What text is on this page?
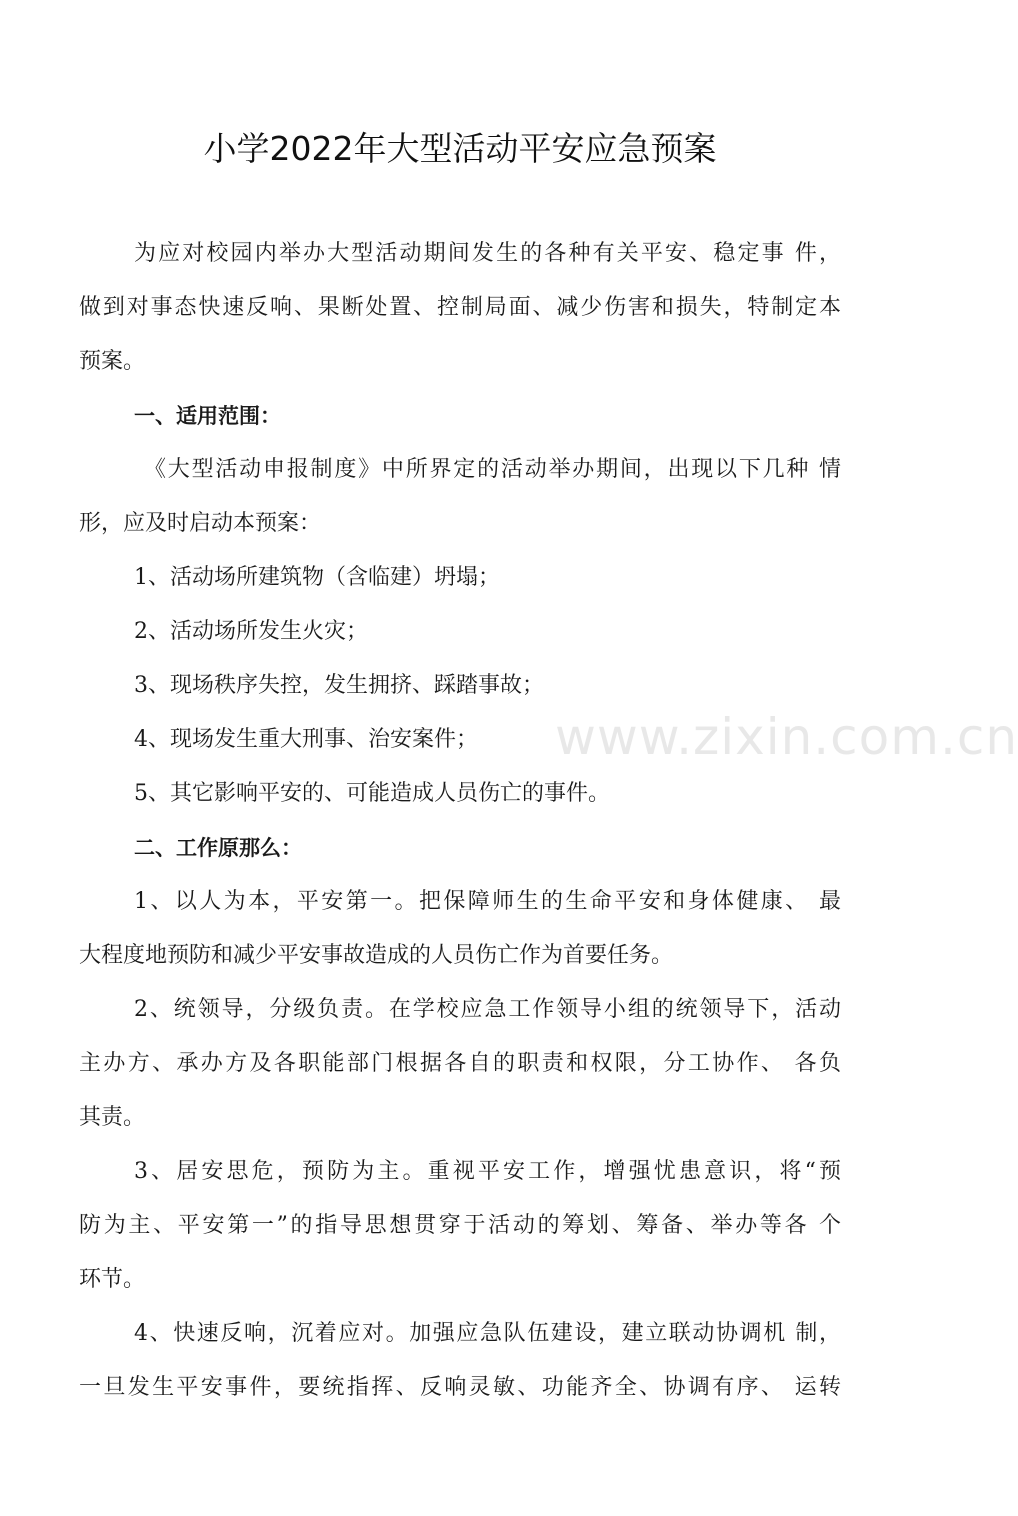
小学2022年大型活动平安应急预案
为应对校园内举办大型活动期间发生的各种有关平安、稳定事 件，
做到对事态快速反响、果断处置、控制局面、减少伤害和损失，特制定本
预案。
一、适用范围：
《大型活动申报制度》中所界定的活动举办期间，出现以下几种 情
形，应及时启动本预案：
1、活动场所建筑物（含临建）坍塌；
2、活动场所发生火灾；
3、现场秩序失控，发生拥挤、踩踏事故；
4、现场发生重大刑事、治安案件；
5、其它影响平安的、可能造成人员伤亡的事件。
二、工作原那么：
1、以人为本，平安第一。把保障师生的生命平安和身体健康、 最
大程度地预防和减少平安事故造成的人员伤亡作为首要任务。
2、统领导，分级负责。在学校应急工作领导小组的统领导下，活动
主办方、承办方及各职能部门根据各自的职责和权限，分工协作、 各负
其责。
3、居安思危，预防为主。重视平安工作，增强忧患意识，将“预
防为主、平安第一”的指导思想贯穿于活动的筹划、筹备、举办等各 个
环节。
4、快速反响，沉着应对。加强应急队伍建设，建立联动协调机 制，
一旦发生平安事件，要统指挥、反响灵敏、功能齐全、协调有序、 运转
www.zixin.com.cn
